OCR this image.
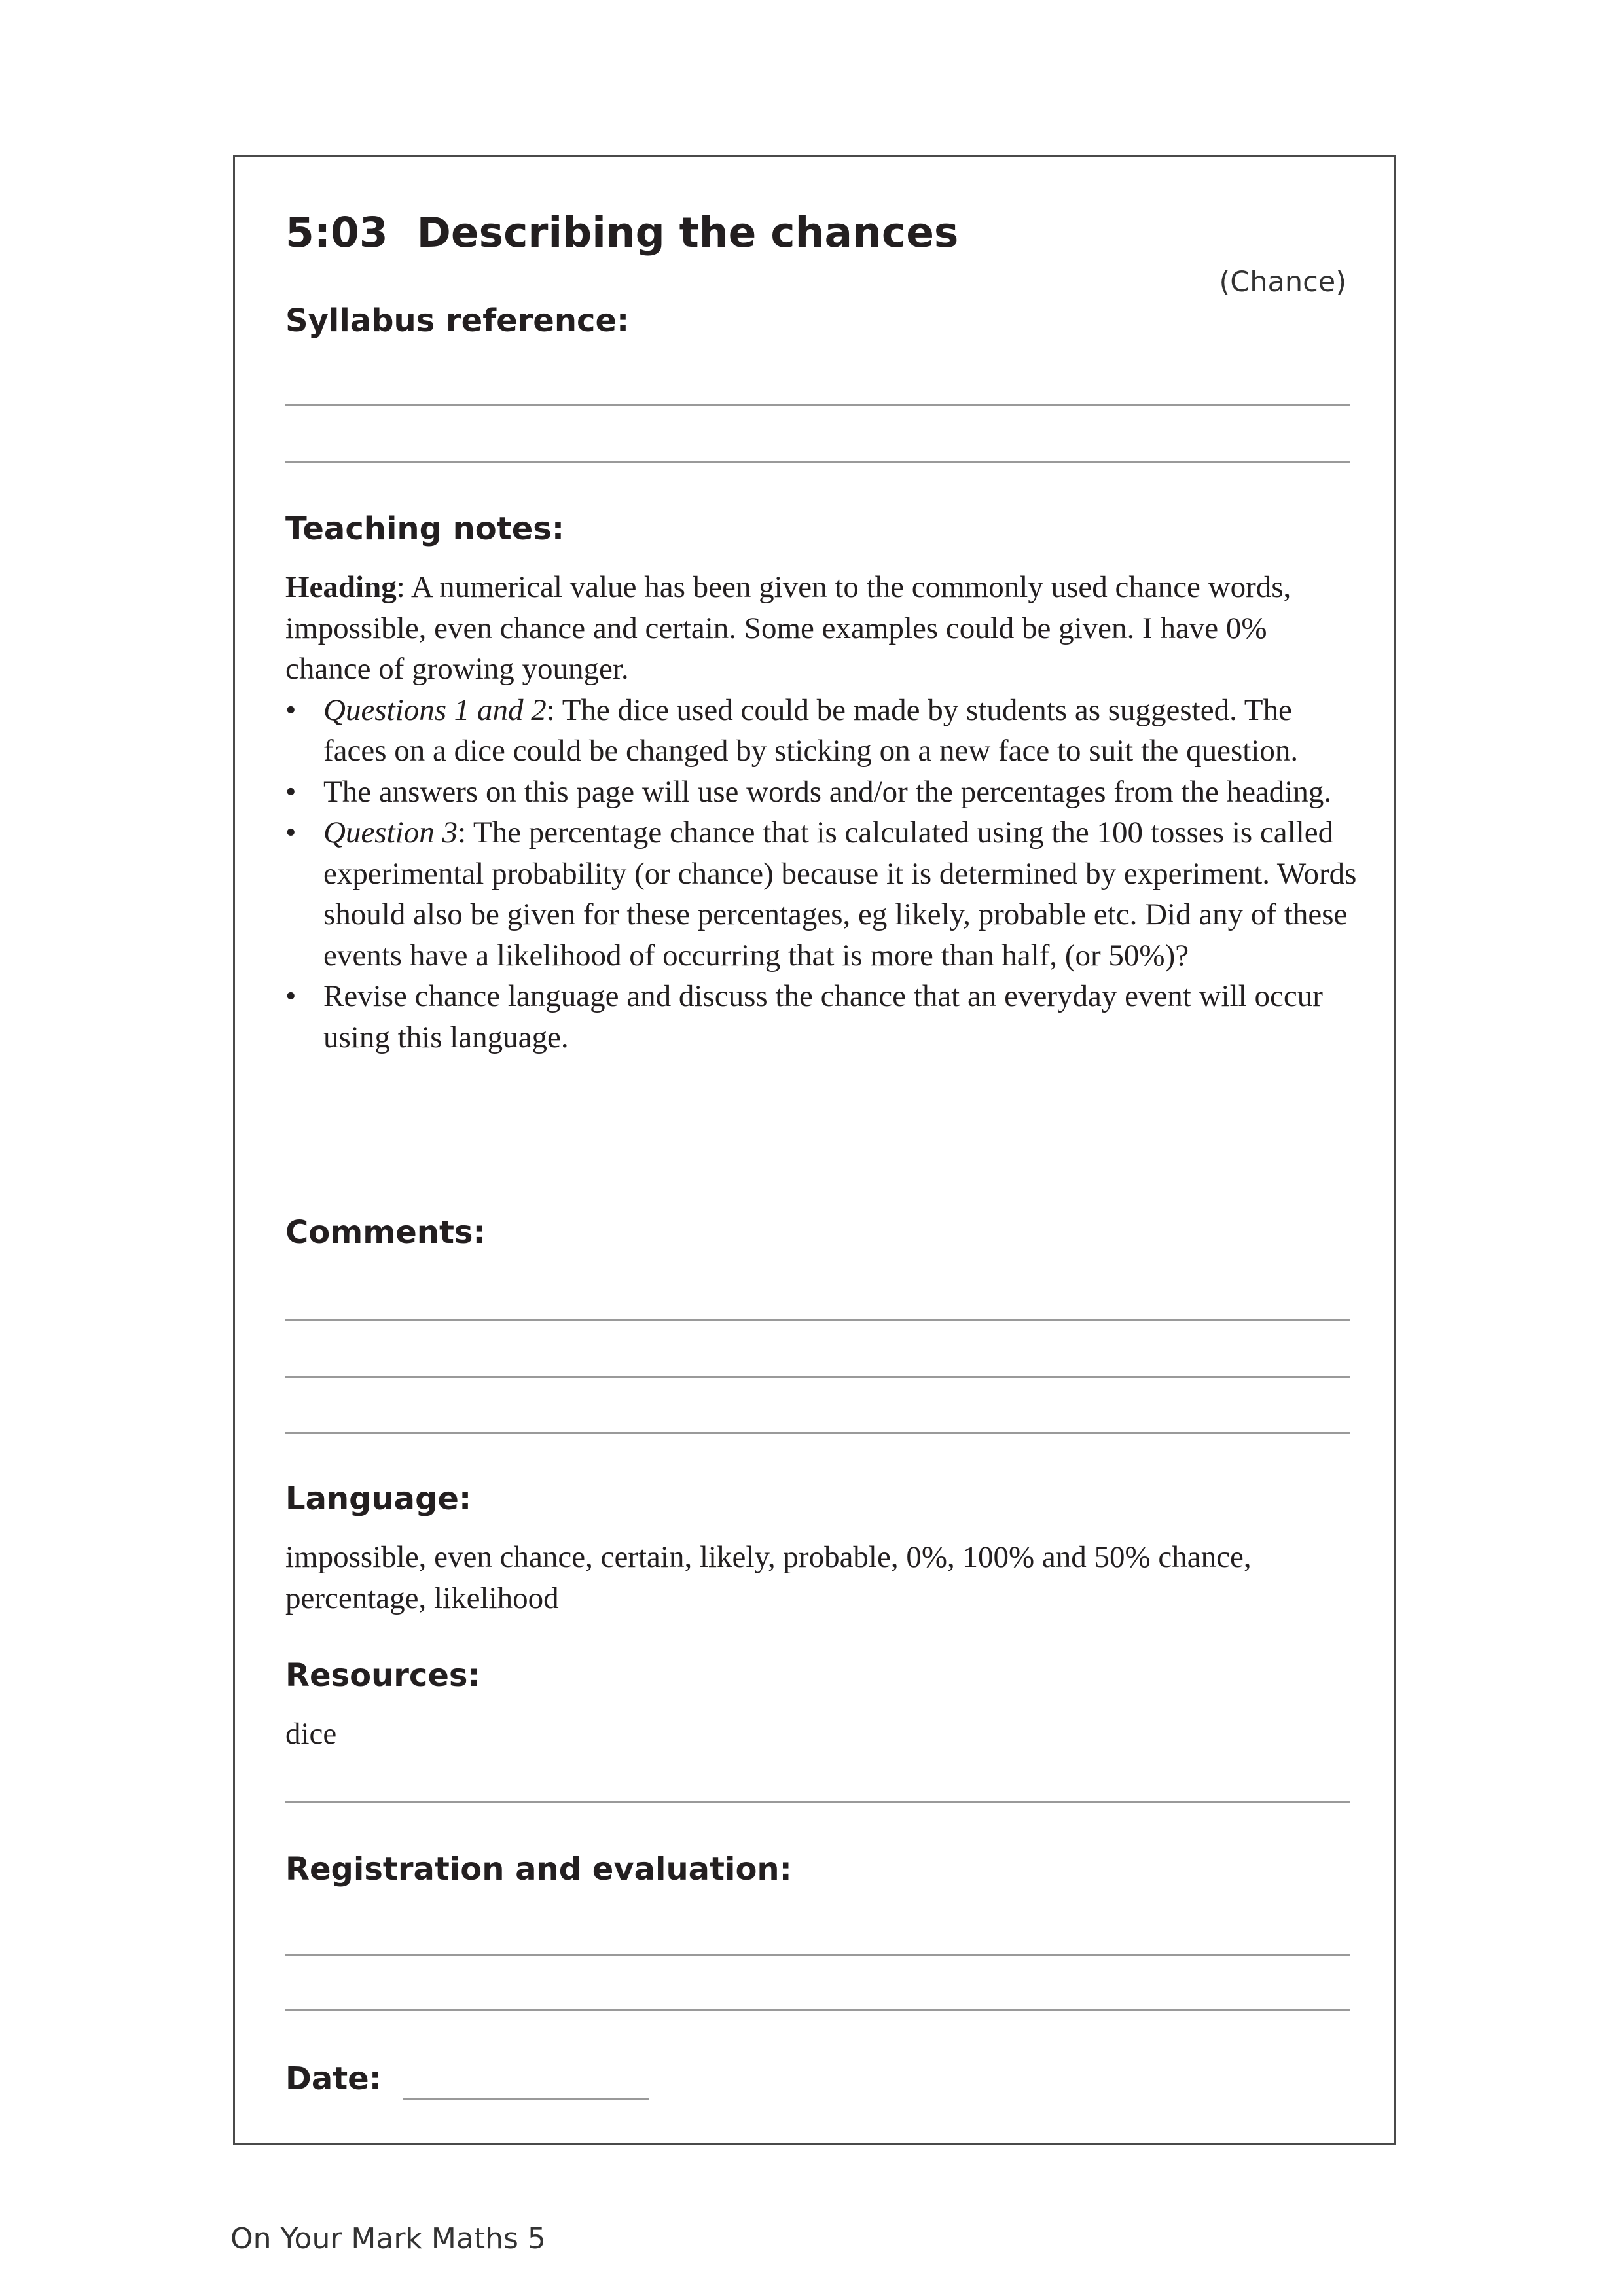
5:03  Describing the chances
(Chance)
Syllabus reference:
Teaching notes:

Heading: A numerical value has been given to the commonly used chance words, impossible, even chance and certain. Some examples could be given. I have 0% chance of growing younger.

• Questions 1 and 2: The dice used could be made by students as suggested. The faces on a dice could be changed by sticking on a new face to suit the question.
• The answers on this page will use words and/or the percentages from the heading.
• Question 3: The percentage chance that is calculated using the 100 tosses is called experimental probability (or chance) because it is determined by experiment. Words should also be given for these percentages, eg likely, probable etc. Did any of these events have a likelihood of occurring that is more than half, (or 50%)?
• Revise chance language and discuss the chance that an everyday event will occur using this language.
Comments:
Language:
impossible, even chance, certain, likely, probable, 0%, 100% and 50% chance, percentage, likelihood
Resources:
dice
Registration and evaluation:
Date:
On Your Mark Maths 5
